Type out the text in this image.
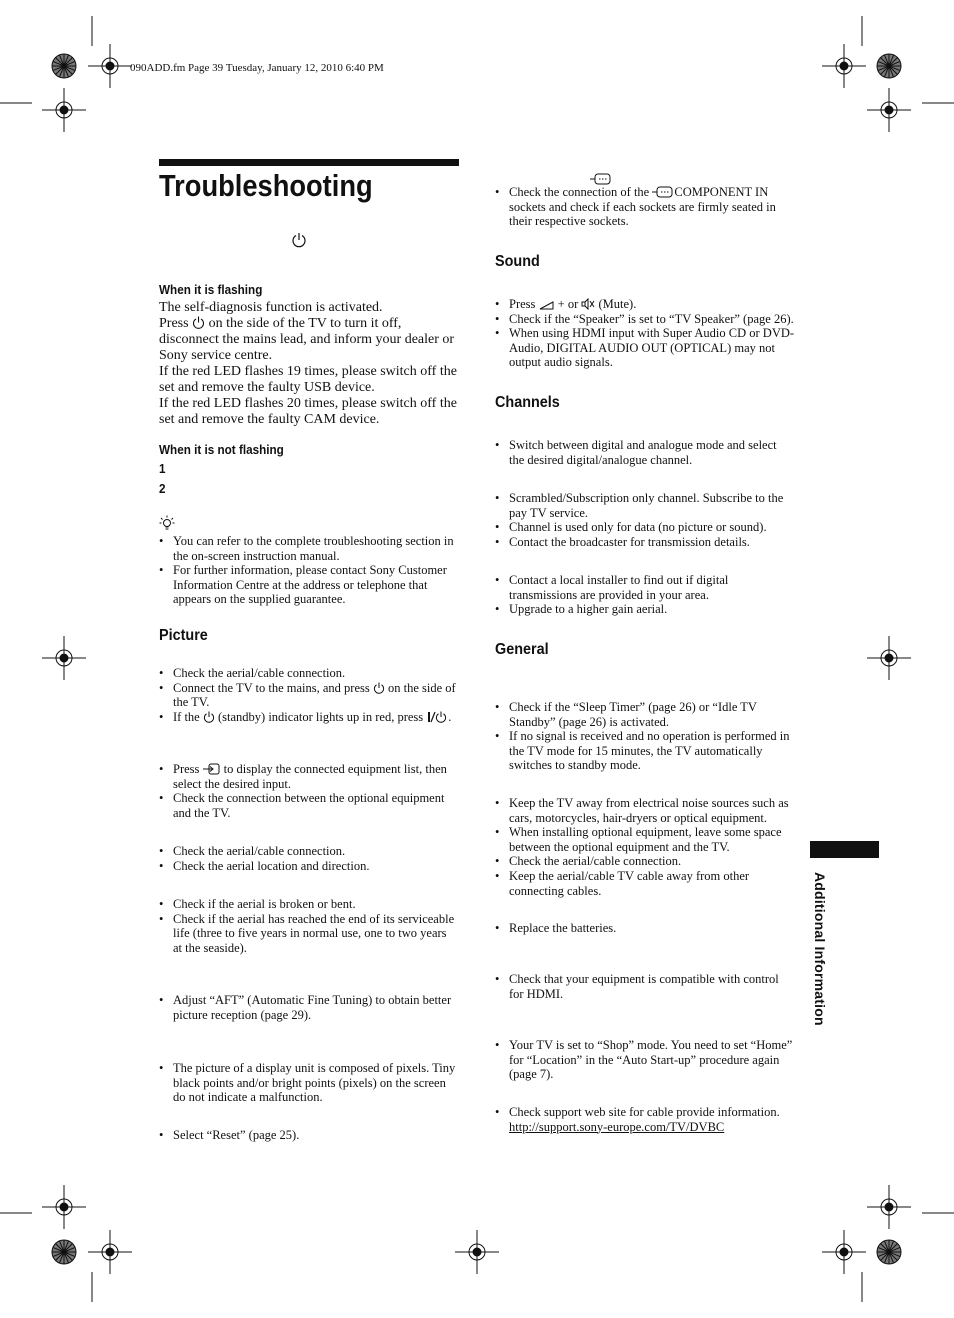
090ADD.fm Page 39 Tuesday, January 12, 2010 6:40 PM
Troubleshooting
When it is flashing
The self-diagnosis function is activated.
Press  on the side of the TV to turn it off,
disconnect the mains lead, and inform your dealer or
Sony service centre.
If the red LED flashes 19 times, please switch off the
set and remove the faulty USB device.
If the red LED flashes 20 times, please switch off the
set and remove the faulty CAM device.
When it is not flashing
1
2
• You can refer to the complete troubleshooting section in
the on-screen instruction manual.
• For further information, please contact Sony Customer
Information Centre at the address or telephone that
appears on the supplied guarantee.
Picture
• Check the aerial/cable connection.
• Connect the TV to the mains, and press  on the side of
the TV.
• If the  (standby) indicator lights up in red, press .
• Press  to display the connected equipment list, then
select the desired input.
• Check the connection between the optional equipment
and the TV.
• Check the aerial/cable connection.
• Check the aerial location and direction.
• Check if the aerial is broken or bent.
• Check if the aerial has reached the end of its serviceable
life (three to five years in normal use, one to two years
at the seaside).
• Adjust “AFT” (Automatic Fine Tuning) to obtain better
picture reception (page 29).
• The picture of a display unit is composed of pixels. Tiny
black points and/or bright points (pixels) on the screen
do not indicate a malfunction.
• Select “Reset” (page 25).
• Check the connection of the COMPONENT IN
sockets and check if each sockets are firmly seated in
their respective sockets.
Sound
• Press  + or  (Mute).
• Check if the “Speaker” is set to “TV Speaker” (page 26).
• When using HDMI input with Super Audio CD or DVD-
Audio, DIGITAL AUDIO OUT (OPTICAL) may not
output audio signals.
Channels
• Switch between digital and analogue mode and select
the desired digital/analogue channel.
• Scrambled/Subscription only channel. Subscribe to the
pay TV service.
• Channel is used only for data (no picture or sound).
• Contact the broadcaster for transmission details.
• Contact a local installer to find out if digital
transmissions are provided in your area.
• Upgrade to a higher gain aerial.
General
• Check if the “Sleep Timer” (page 26) or “Idle TV
Standby” (page 26) is activated.
• If no signal is received and no operation is performed in
the TV mode for 15 minutes, the TV automatically
switches to standby mode.
• Keep the TV away from electrical noise sources such as
cars, motorcycles, hair-dryers or optical equipment.
• When installing optional equipment, leave some space
between the optional equipment and the TV.
• Check the aerial/cable connection.
• Keep the aerial/cable TV cable away from other
connecting cables.
• Replace the batteries.
• Check that your equipment is compatible with control
for HDMI.
• Your TV is set to “Shop” mode. You need to set “Home”
for “Location” in the “Auto Start-up” procedure again
(page 7).
• Check support web site for cable provide information.
http://support.sony-europe.com/TV/DVBC
Additional Information
